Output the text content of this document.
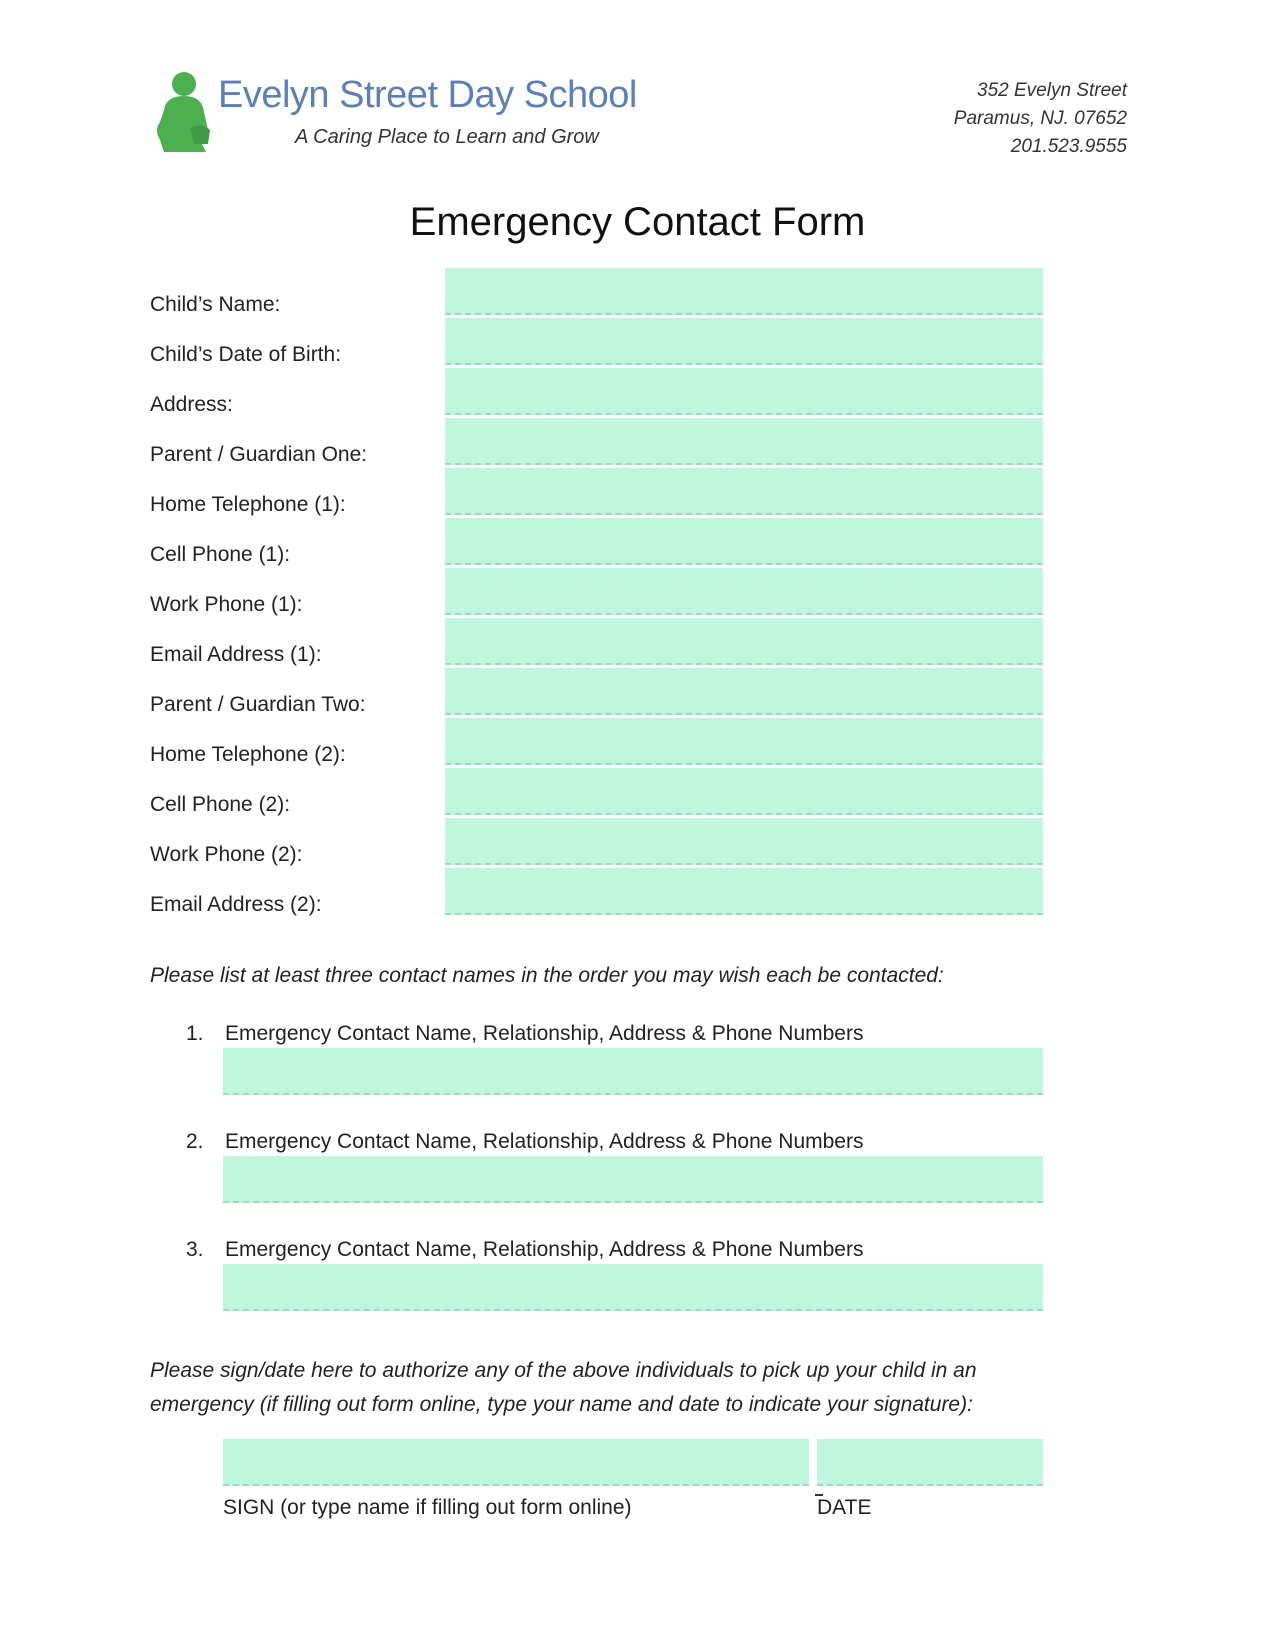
Evelyn Street Day School
A Caring Place to Learn and Grow
352 Evelyn Street
Paramus, NJ. 07652
201.523.9555
Emergency Contact Form
Child’s Name:
Child’s Date of Birth:
Address:
Parent / Guardian One:
Home Telephone (1):
Cell Phone (1):
Work Phone (1):
Email Address (1):
Parent / Guardian Two:
Home Telephone (2):
Cell Phone (2):
Work Phone (2):
Email Address (2):
Please list at least three contact names in the order you may wish each be contacted:
1. Emergency Contact Name, Relationship, Address & Phone Numbers
2. Emergency Contact Name, Relationship, Address & Phone Numbers
3. Emergency Contact Name, Relationship, Address & Phone Numbers
Please sign/date here to authorize any of the above individuals to pick up your child in an
emergency (if filling out form online, type your name and date to indicate your signature):
SIGN (or type name if filling out form online)	DATE
